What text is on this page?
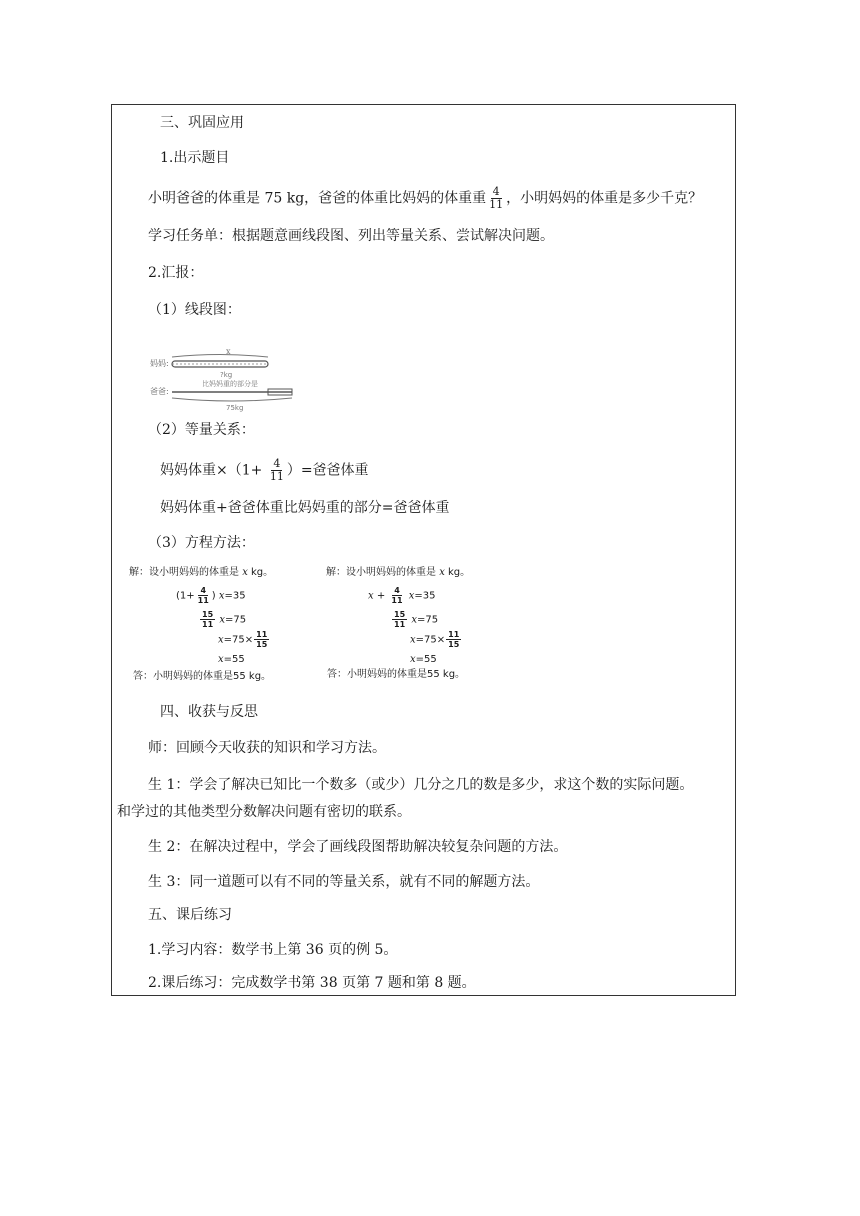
三、巩固应用
1.出示题目
小明爸爸的体重是 75 kg，爸爸的体重比妈妈的体重重 $\frac{4}{11}$ ，小明妈妈的体重是多少千克？
学习任务单：根据题意画线段图、列出等量关系、尝试解决问题。
2.汇报：
（1）线段图：
妈妈:
爸爸:
x
?kg
比妈妈重的部分是
75kg
（2）等量关系：
妈妈体重$\times(1+ \frac{4}{11}$ ）=爸爸体重
妈妈体重+爸爸体重比妈妈重的部分=爸爸体重
（3）方程方法：
解：设小明妈妈的体重是 x kg。
($1+ \frac{4}{11}$ ) x=35
$\frac{15}{11} x=75$
$x=75\times \frac{11}{15}$
x=55
答：小明妈妈的体重是55 kg。
解：设小明妈妈的体重是 x kg。
$x + \frac{4}{11} x=35$
$\frac{15}{11} x=75$
$x=75\times \frac{11}{15}$
x=55
答：小明妈妈的体重是55 kg。
四、收获与反思
师：回顾今天收获的知识和学习方法。
生 1：学会了解决已知比一个数多（或少）几分之几的数是多少，求这个数的实际问题。
和学过的其他类型分数解决问题有密切的联系。
生 2：在解决过程中，学会了画线段图帮助解决较复杂问题的方法。
生 3：同一道题可以有不同的等量关系，就有不同的解题方法。
五、课后练习
1.学习内容：数学书上第 36 页的例 5。
2.课后练习：完成数学书第 38 页第 7 题和第 8 题。
